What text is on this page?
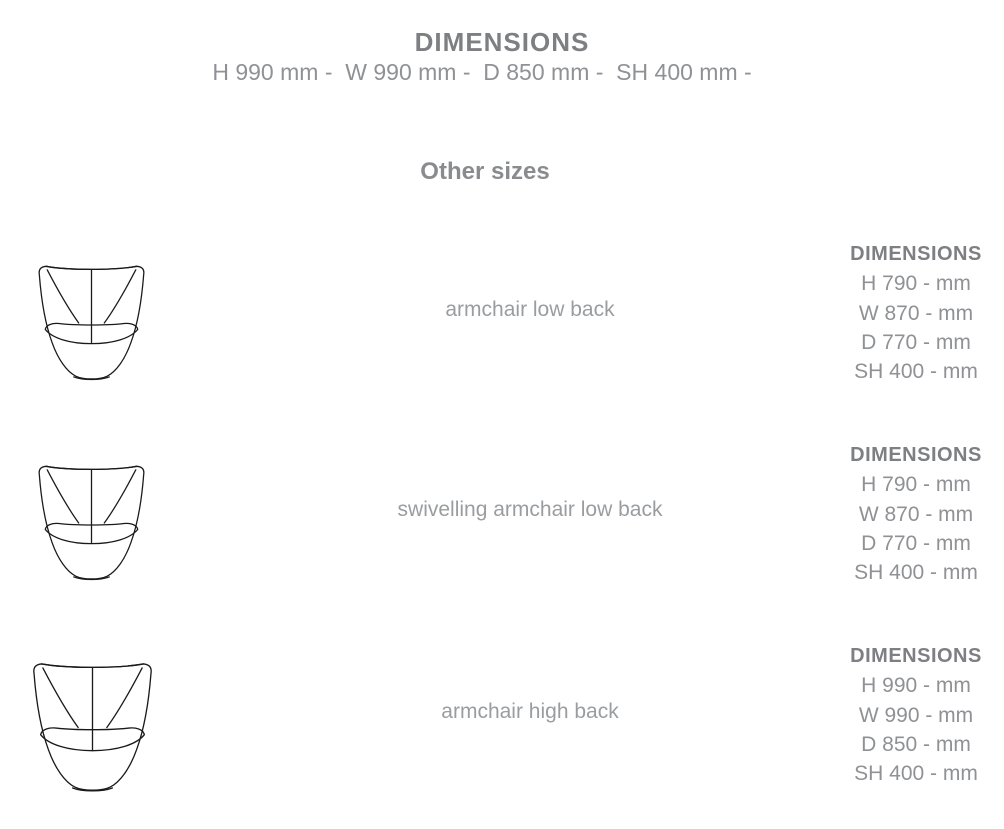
DIMENSIONS
H 990 mm -  W 990 mm -  D 850 mm -  SH 400 mm -
Other sizes
armchair low back
DIMENSIONS
H 790 - mm
W 870 - mm
D 770 - mm
SH 400 - mm
swivelling armchair low back
DIMENSIONS
H 790 - mm
W 870 - mm
D 770 - mm
SH 400 - mm
armchair high back
DIMENSIONS
H 990 - mm
W 990 - mm
D 850 - mm
SH 400 - mm
